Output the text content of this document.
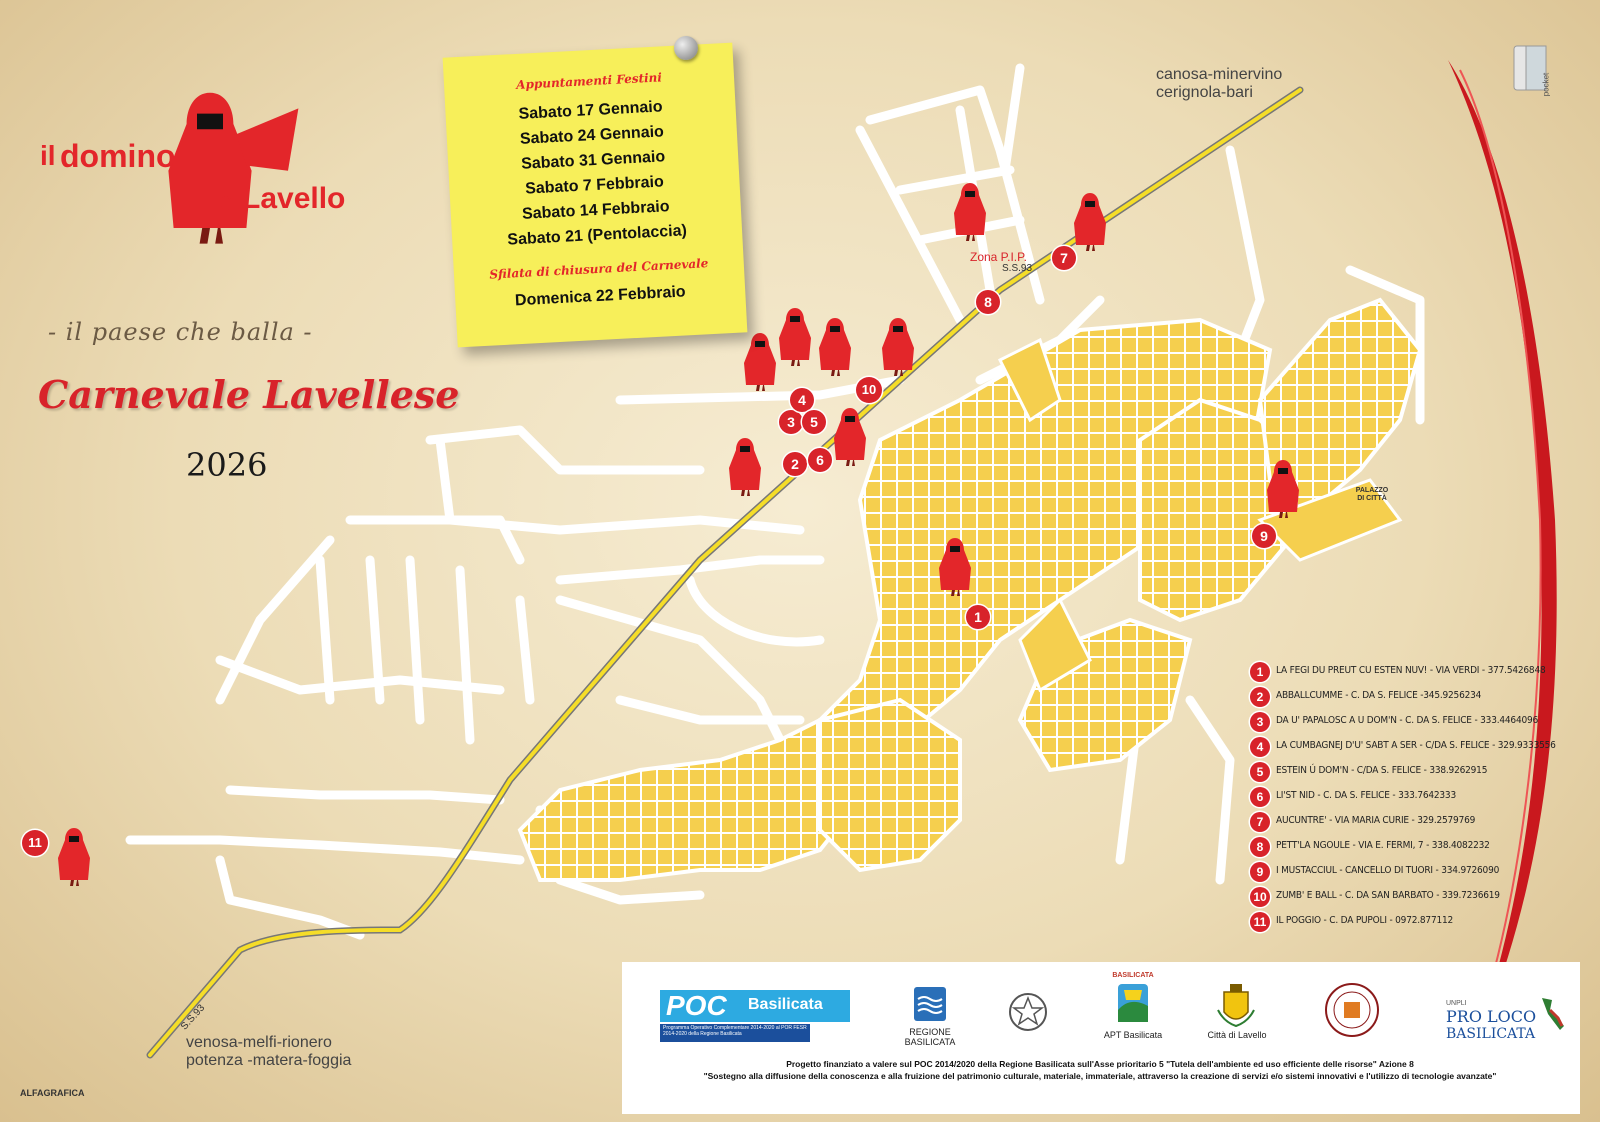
1
2
3
4
5
6
7
8
9
10
11
canosa-minervino
cerignola-bari
venosa-melfi-rionero
potenza -matera-foggia
Zona P.I.P.
S.S.93
S.S.93
PALAZZO DI CITTÀ
il domino
di Lavello
- il paese che balla -
Carnevale Lavellese
2026
Appuntamenti Festini
Sabato 17 Gennaio
Sabato 24 Gennaio
Sabato 31 Gennaio
Sabato 7 Febbraio
Sabato 14 Febbraio
Sabato 21 (Pentolaccia)
Sfilata di chiusura del Carnevale
Domenica 22 Febbraio
1	LA FEGI DU PREUT CU ESTEN NUV! - VIA VERDI - 377.5426848
2	ABBALLCUMME - C. DA S. FELICE -345.9256234
3	DA U' PAPALOSC A U DOM'N - C. DA S. FELICE - 333.4464096
4	LA CUMBAGNEJ D'U' SABT A SER - C/DA S. FELICE - 329.9333556
5	ESTEIN Ú DOM'N - C/DA S. FELICE - 338.9262915
6	LI'ST NID - C. DA S. FELICE - 333.7642333
7	AUCUNTRE' - VIA MARIA CURIE - 329.2579769
8	PETT'LA NGOULE - VIA E. FERMI, 7 - 338.4082232
9	I MUSTACCIUL - CANCELLO DI TUORI - 334.9726090
10 ZUMB' E BALL - C. DA SAN BARBATO - 339.7236619
11 IL POGGIO - C. DA PUPOLI - 0972.877112
POC Basilicata
Programma Operativo Complementare 2014-2020 al POR FESR 2014-2020 della Regione Basilicata	REGIONE BASILICATA
BASILICATA
APT Basilicata	Città di Lavello
UNPLI
PRO LOCO
BASILICATA
Progetto finanziato a valere sul POC 2014/2020 della Regione Basilicata sull'Asse prioritario 5 "Tutela dell'ambiente ed uso efficiente delle risorse" Azione 8
"Sostegno alla diffusione della conoscenza e alla fruizione del patrimonio culturale, materiale, immateriale, attraverso la creazione di servizi e/o sistemi innovativi e l'utilizzo di tecnologie avanzate"
ALFAGRAFICA
pocket
